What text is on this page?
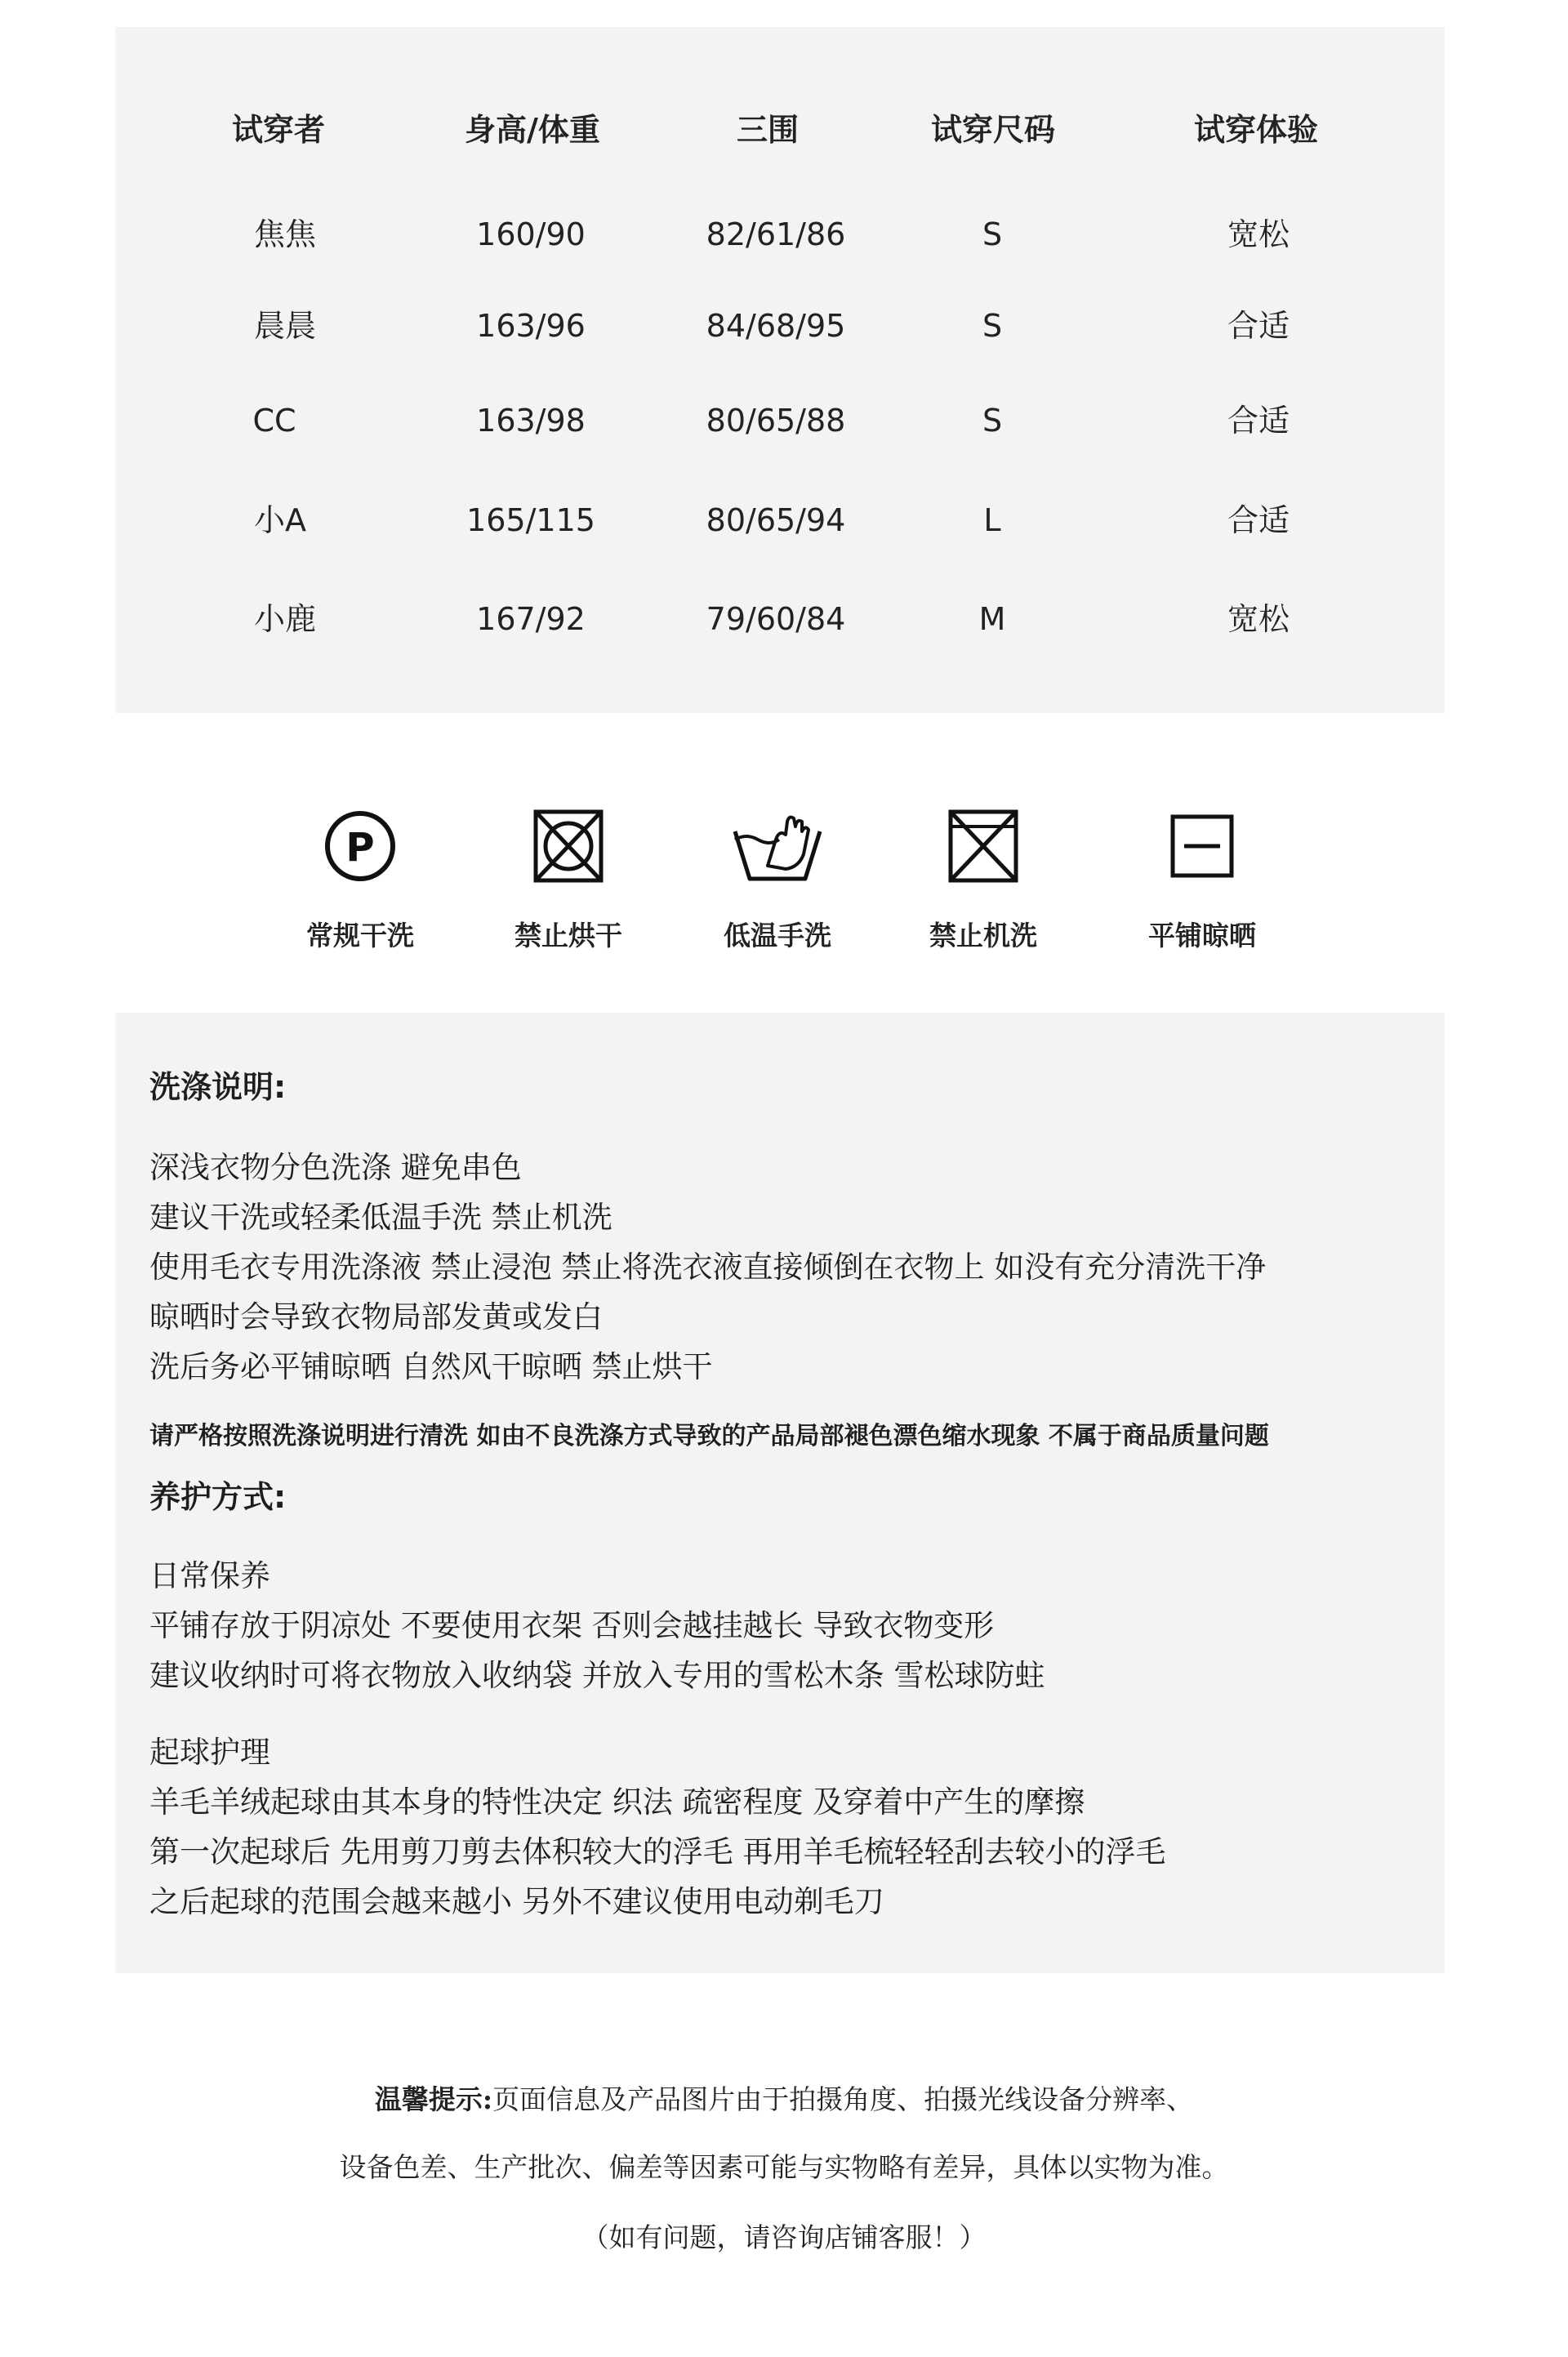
试穿者	身高/体重	三围	试穿尺码	试穿体验
焦焦	160/90	82/61/86	S	宽松
晨晨	163/96	84/68/95	S	合适
CC	163/98	80/65/88	S	合适
小A	165/115	80/65/94	L	合适
小鹿	167/92	79/60/84	M	宽松
P
常规干洗	禁止烘干	低温手洗	禁止机洗	平铺晾晒
洗涤说明:
深浅衣物分色洗涤 避免串色
建议干洗或轻柔低温手洗 禁止机洗
使用毛衣专用洗涤液 禁止浸泡 禁止将洗衣液直接倾倒在衣物上 如没有充分清洗干净
晾晒时会导致衣物局部发黄或发白
洗后务必平铺晾晒 自然风干晾晒 禁止烘干
请严格按照洗涤说明进行清洗 如由不良洗涤方式导致的产品局部褪色漂色缩水现象 不属于商品质量问题
养护方式:
日常保养
平铺存放于阴凉处 不要使用衣架 否则会越挂越长 导致衣物变形
建议收纳时可将衣物放入收纳袋 并放入专用的雪松木条 雪松球防蛀
起球护理
羊毛羊绒起球由其本身的特性决定 织法 疏密程度 及穿着中产生的摩擦
第一次起球后 先用剪刀剪去体积较大的浮毛 再用羊毛梳轻轻刮去较小的浮毛
之后起球的范围会越来越小 另外不建议使用电动剃毛刀
温馨提示:页面信息及产品图片由于拍摄角度、拍摄光线设备分辨率、
设备色差、生产批次、偏差等因素可能与实物略有差异，具体以实物为准。
（如有问题，请咨询店铺客服！）
